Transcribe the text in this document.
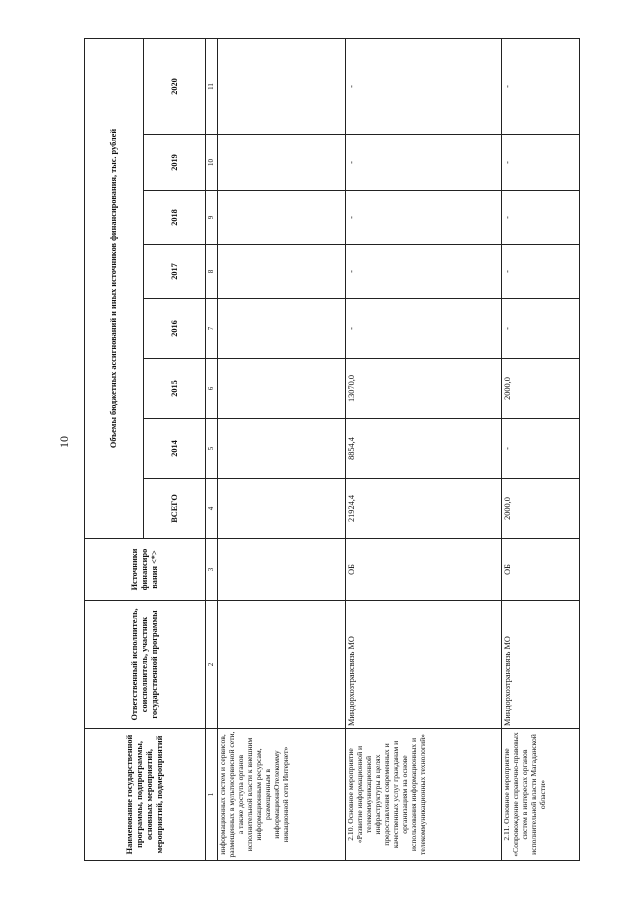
10
Наименование государственной программы, подпрограммы, основных мероприятий, мероприятий, подмероприятий	Ответственный исполнитель, соисполнитель, участник государственной программы	Источники финансиро вания <*>	Объемы бюджетных ассигнований и иных источников финансирования, тыс. рублей							
			ВСЕГО	2014	2015	2016	2017	2018	2019	2020
1	2	3	4	5	6	7	8	9	10	11
информационных систем и сервисов, размещенных в мультисервисной сети, а также доступа органов исполнительной власти к внешним информационным ресурсам, размещенным в информационнОтелекомму никационной сети Интернет»										
2.10. Основное мероприятие «Развитие информационной и телекоммуникационной инфраструктуры в целях предоставления современных и качественных услуг гражданам и организациям на основе использования информационных и телекоммуникационных технологий»	Миндорхозтрансвязь МО	ОБ	21924,4	8854,4	13070,0	-	-	-	-	-
2.11. Основное мероприятие «Сопровождение справочно-правовых систем в интересах органов исполнительной власти Магаданской области»	Миндорхозтрансвязь МО	ОБ	2000,0	-	2000,0	-	-	-	-	-
